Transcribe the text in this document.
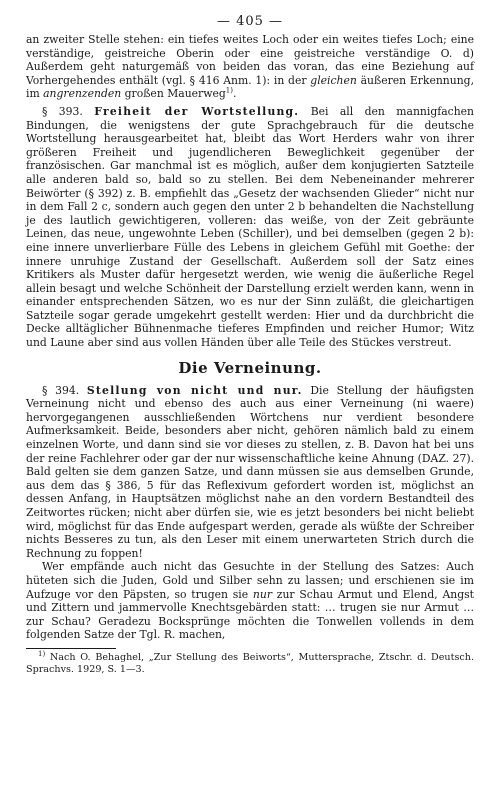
— 405 —

an zweiter Stelle stehen: ein tiefes weites Loch oder ein weites tiefes Loch; eine verständige, geistreiche Oberin oder eine geistreiche verständige O. d) Außerdem geht naturgemäß von beiden das voran, das eine Beziehung auf Vorhergehendes enthält (vgl. § 416 Anm. 1): in der gleichen äußeren Erkennung, im angrenzenden großen Mauerweg$^{1)}$.

§ 393. Freiheit der Wortstellung. Bei all den mannigfachen Bindungen, die wenigstens der gute Sprachgebrauch für die deutsche Wortstellung herausgearbeitet hat, bleibt das Wort Herders wahr von ihrer größeren Freiheit und jugendlicheren Beweglichkeit gegenüber der französischen. Gar manchmal ist es möglich, außer dem konjugierten Satzteile alle anderen bald so, bald so zu stellen. Bei dem Nebeneinander mehrerer Beiwörter (§ 392) z. B. empfiehlt das „Gesetz der wachsenden Glieder“ nicht nur in dem Fall 2 c, sondern auch gegen den unter 2 b behandelten die Nachstellung je des lautlich gewichtigeren, volleren: das weiße, von der Zeit gebräunte Leinen, das neue, ungewohnte Leben (Schiller), und bei demselben (gegen 2 b): eine innere unverlierbare Fülle des Lebens in gleichem Gefühl mit Goethe: der innere unruhige Zustand der Gesellschaft. Außerdem soll der Satz eines Kritikers als Muster dafür hergesetzt werden, wie wenig die äußerliche Regel allein besagt und welche Schönheit der Darstellung erzielt werden kann, wenn in einander entsprechenden Sätzen, wo es nur der Sinn zuläßt, die gleichartigen Satzteile sogar gerade umgekehrt gestellt werden: Hier und da durchbricht die Decke alltäglicher Bühnenmache tieferes Empfinden und reicher Humor; Witz und Laune aber sind aus vollen Händen über alle Teile des Stückes verstreut.

Die Verneinung.

§ 394. Stellung von nicht und nur. Die Stellung der häufigsten Verneinung nicht und ebenso des auch aus einer Verneinung (ni waere) hervorgegangenen ausschließenden Wörtchens nur verdient besondere Aufmerksamkeit. Beide, besonders aber nicht, gehören nämlich bald zu einem einzelnen Worte, und dann sind sie vor dieses zu stellen, z. B. Davon hat bei uns der reine Fachlehrer oder gar der nur wissenschaftliche keine Ahnung (DAZ. 27). Bald gelten sie dem ganzen Satze, und dann müssen sie aus demselben Grunde, aus dem das § 386, 5 für das Reflexivum gefordert worden ist, möglichst an dessen Anfang, in Hauptsätzen möglichst nahe an den vordern Bestandteil des Zeitwortes rücken; nicht aber dürfen sie, wie es jetzt besonders bei nicht beliebt wird, möglichst für das Ende aufgespart werden, gerade als wüßte der Schreiber nichts Besseres zu tun, als den Leser mit einem unerwarteten Strich durch die Rechnung zu foppen!

Wer empfände auch nicht das Gesuchte in der Stellung des Satzes: Auch hüteten sich die Juden, Gold und Silber sehn zu lassen; und erschienen sie im Aufzuge vor den Päpsten, so trugen sie nur zur Schau Armut und Elend, Angst und Zittern und jammervolle Knechtsgebärden statt: … trugen sie nur Armut … zur Schau? Geradezu Bocksprünge möchten die Tonwellen vollends in dem folgenden Satze der Tgl. R. machen,

$^{1)}$ Nach O. Behaghel, „Zur Stellung des Beiworts“, Muttersprache, Ztschr. d. Deutsch. Sprachvs. 1929, S. 1—3.
